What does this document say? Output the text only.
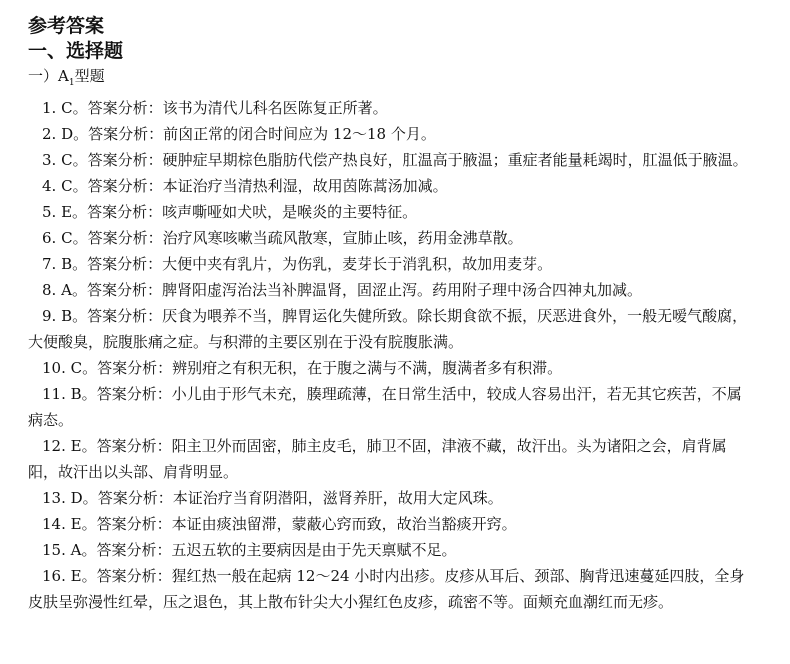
参考答案
一、选择题
一）$A_1$型题

1. C。答案分析：该书为清代儿科名医陈复正所著。

2. D。答案分析：前囟正常的闭合时间应为 12～18 个月。

3. C。答案分析：硬肿症早期棕色脂肪代偿产热良好，肛温高于腋温；重症者能量耗竭时，肛温低于腋温。

4. C。答案分析：本证治疗当清热利湿，故用茵陈蒿汤加减。

5. E。答案分析：咳声嘶哑如犬吠，是喉炎的主要特征。

6. C。答案分析：治疗风寒咳嗽当疏风散寒，宣肺止咳，药用金沸草散。

7. B。答案分析：大便中夹有乳片，为伤乳，麦芽长于消乳积，故加用麦芽。

8. A。答案分析：脾肾阳虚泻治法当补脾温肾，固涩止泻。药用附子理中汤合四神丸加减。

9. B。答案分析：厌食为喂养不当，脾胃运化失健所致。除长期食欲不振，厌恶进食外，一般无嗳气酸腐，大便酸臭，脘腹胀痛之症。与积滞的主要区别在于没有脘腹胀满。

10. C。答案分析：辨别疳之有积无积，在于腹之满与不满，腹满者多有积滞。

11. B。答案分析：小儿由于形气未充，腠理疏薄，在日常生活中，较成人容易出汗，若无其它疾苦，不属病态。

12. E。答案分析：阳主卫外而固密，肺主皮毛，肺卫不固，津液不藏，故汗出。头为诸阳之会，肩背属阳，故汗出以头部、肩背明显。

13. D。答案分析：本证治疗当育阴潜阳，滋肾养肝，故用大定风珠。

14. E。答案分析：本证由痰浊留滞，蒙蔽心窍而致，故治当豁痰开窍。

15. A。答案分析：五迟五软的主要病因是由于先天禀赋不足。

16. E。答案分析：猩红热一般在起病 12～24 小时内出疹。皮疹从耳后、颈部、胸背迅速蔓延四肢，全身皮肤呈弥漫性红晕，压之退色，其上散布针尖大小猩红色皮疹，疏密不等。面颊充血潮红而无疹。
